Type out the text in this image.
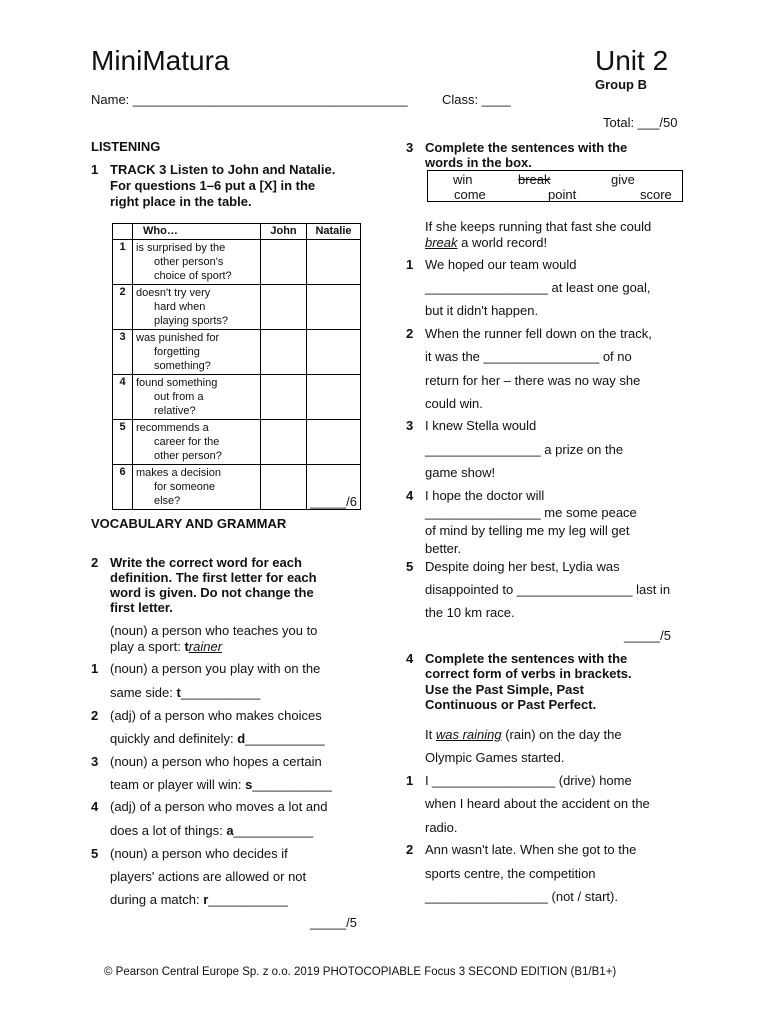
MiniMatura	Unit 2
Group B
Name: ______________________________________	Class: ____
Total: ___/50
LISTENING
1 TRACK 3 Listen to John and Natalie.
For questions 1–6 put a [X] in the
right place in the table.
	Who…	John	Natalie
1	is surprised by the
other person's
choice of sport?		

2	doesn't try very
hard when
playing sports?		

3	was punished for
forgetting
something?		

4	found something
out from a
relative?		

5	recommends a
career for the
other person?		

6	makes a decision
for someone
else?		
			_____/6
VOCABULARY AND GRAMMAR
2 Write the correct word for each
definition. The first letter for each
word is given. Do not change the
first letter.
(noun) a person who teaches you to
play a sport: trainer
1 (noun) a person you play with on the
same side: t___________
2 (adj) of a person who makes choices
quickly and definitely: d___________
3 (noun) a person who hopes a certain
team or player will win: s___________
4 (adj) of a person who moves a lot and
does a lot of things: a___________
5 (noun) a person who decides if
players' actions are allowed or not
during a match: r___________
_____/5
3 Complete the sentences with the
words in the box.
win	break	give
come	point	score
If she keeps running that fast she could
break a world record!
1 We hoped our team would
_________________ at least one goal,
but it didn't happen.
2 When the runner fell down on the track,
it was the ________________ of no
return for her – there was no way she
could win.
3 I knew Stella would
________________ a prize on the
game show!
4 I hope the doctor will
________________ me some peace
of mind by telling me my leg will get
better.
5 Despite doing her best, Lydia was
disappointed to ________________ last in
the 10 km race.
_____/5
4 Complete the sentences with the
correct form of verbs in brackets.
Use the Past Simple, Past
Continuous or Past Perfect.
It was raining (rain) on the day the
Olympic Games started.
1 I _________________ (drive) home
when I heard about the accident on the
radio.
2 Ann wasn't late. When she got to the
sports centre, the competition
_________________ (not / start).
© Pearson Central Europe Sp. z o.o. 2019 PHOTOCOPIABLE Focus 3 SECOND EDITION (B1/B1+)
